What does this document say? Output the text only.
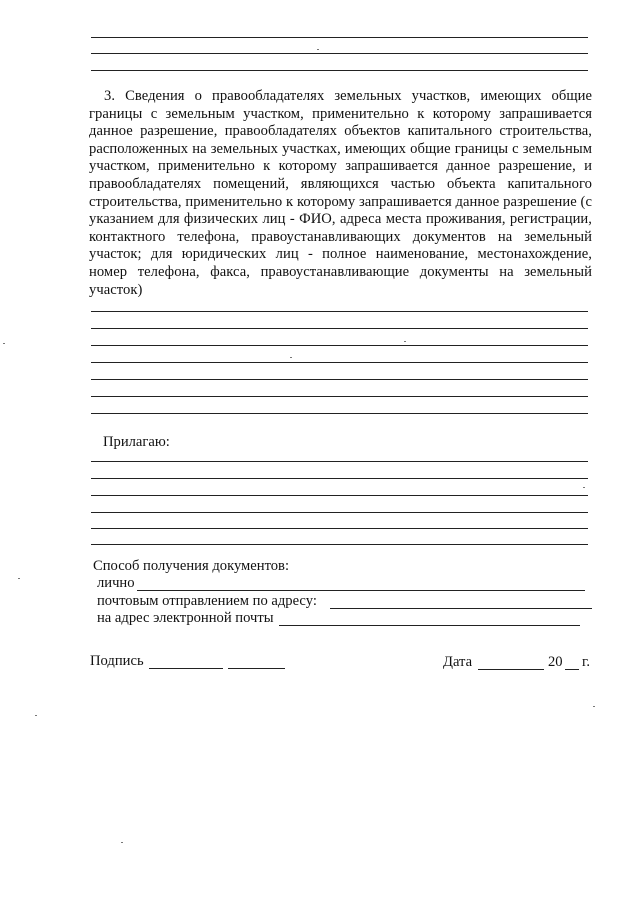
3. Сведения о правообладателях земельных участков, имеющих общие границы с земельным участком, применительно к которому запрашивается данное разрешение, правообладателях объектов капитального строительства, расположенных на земельных участках, имеющих общие границы с земельным участком, применительно к которому запрашивается данное разрешение, и правообладателях помещений, являющихся частью объекта капитального строительства, применительно к которому запрашивается данное разрешение (с указанием для физических лиц - ФИО, адреса места проживания, регистрации, контактного телефона, правоустанавливающих документов на земельный участок; для юридических лиц - полное наименование, местонахождение, номер телефона, факса, правоустанавливающие документы на земельный участок)
Прилагаю:
Способ получения документов:
лично
почтовым отправлением по адресу:
на адрес электронной почты
Подпись	Дата	20 г.
